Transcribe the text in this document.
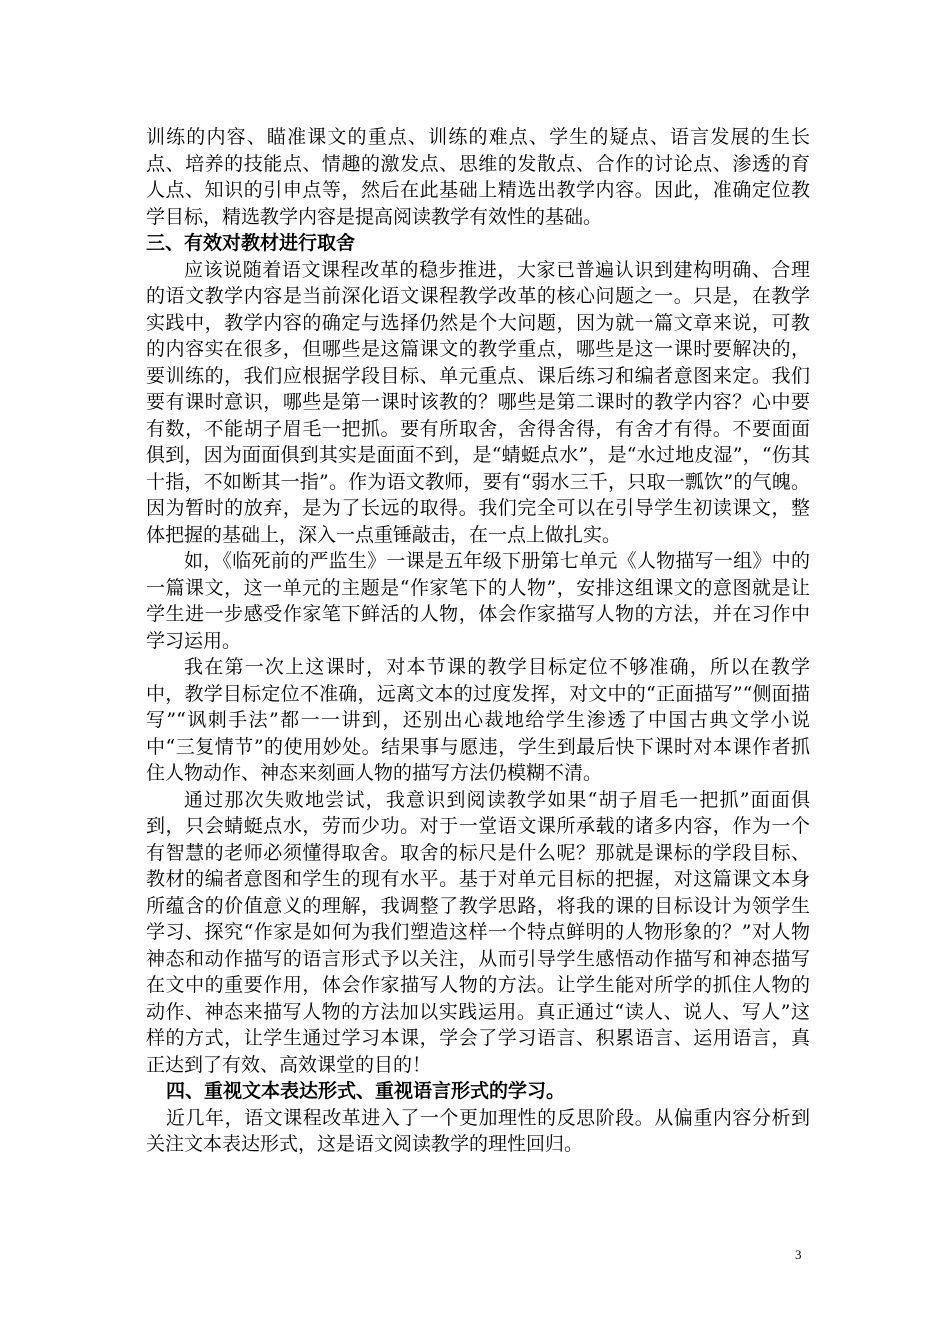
训练的内容、瞄准课文的重点、训练的难点、学生的疑点、语言发展的生长点、培养的技能点、情趣的激发点、思维的发散点、合作的讨论点、渗透的育人点、知识的引申点等，然后在此基础上精选出教学内容。因此，准确定位教学目标，精选教学内容是提高阅读教学有效性的基础。

三、有效对教材进行取舍

应该说随着语文课程改革的稳步推进，大家已普遍认识到建构明确、合理的语文教学内容是当前深化语文课程教学改革的核心问题之一。只是，在教学实践中，教学内容的确定与选择仍然是个大问题，因为就一篇文章来说，可教的内容实在很多，但哪些是这篇课文的教学重点，哪些是这一课时要解决的，要训练的，我们应根据学段目标、单元重点、课后练习和编者意图来定。我们要有课时意识，哪些是第一课时该教的？哪些是第二课时的教学内容？心中要有数，不能胡子眉毛一把抓。要有所取舍，舍得舍得，有舍才有得。不要面面俱到，因为面面俱到其实是面面不到，是“蜻蜓点水”，是“水过地皮湿”，“伤其十指，不如断其一指”。作为语文教师，要有“弱水三千，只取一瓢饮”的气魄。因为暂时的放弃，是为了长远的取得。我们完全可以在引导学生初读课文，整体把握的基础上，深入一点重锤敲击，在一点上做扎实。

如，《临死前的严监生》一课是五年级下册第七单元《人物描写一组》中的一篇课文，这一单元的主题是“作家笔下的人物”，安排这组课文的意图就是让学生进一步感受作家笔下鲜活的人物，体会作家描写人物的方法，并在习作中学习运用。

我在第一次上这课时，对本节课的教学目标定位不够准确，所以在教学中，教学目标定位不准确，远离文本的过度发挥，对文中的“正面描写”“侧面描写”“讽刺手法”都一一讲到，还别出心裁地给学生渗透了中国古典文学小说中“三复情节”的使用妙处。结果事与愿违，学生到最后快下课时对本课作者抓住人物动作、神态来刻画人物的描写方法仍模糊不清。

通过那次失败地尝试，我意识到阅读教学如果“胡子眉毛一把抓”面面俱到，只会蜻蜓点水，劳而少功。对于一堂语文课所承载的诸多内容，作为一个有智慧的老师必须懂得取舍。取舍的标尺是什么呢？那就是课标的学段目标、教材的编者意图和学生的现有水平。基于对单元目标的把握，对这篇课文本身所蕴含的价值意义的理解，我调整了教学思路，将我的课的目标设计为领学生学习、探究“作家是如何为我们塑造这样一个特点鲜明的人物形象的？”对人物神态和动作描写的语言形式予以关注，从而引导学生感悟动作描写和神态描写在文中的重要作用，体会作家描写人物的方法。让学生能对所学的抓住人物的动作、神态来描写人物的方法加以实践运用。真正通过“读人、说人、写人”这样的方式，让学生通过学习本课，学会了学习语言、积累语言、运用语言，真正达到了有效、高效课堂的目的！

四、重视文本表达形式、重视语言形式的学习。

近几年，语文课程改革进入了一个更加理性的反思阶段。从偏重内容分析到关注文本表达形式，这是语文阅读教学的理性回归。

3
